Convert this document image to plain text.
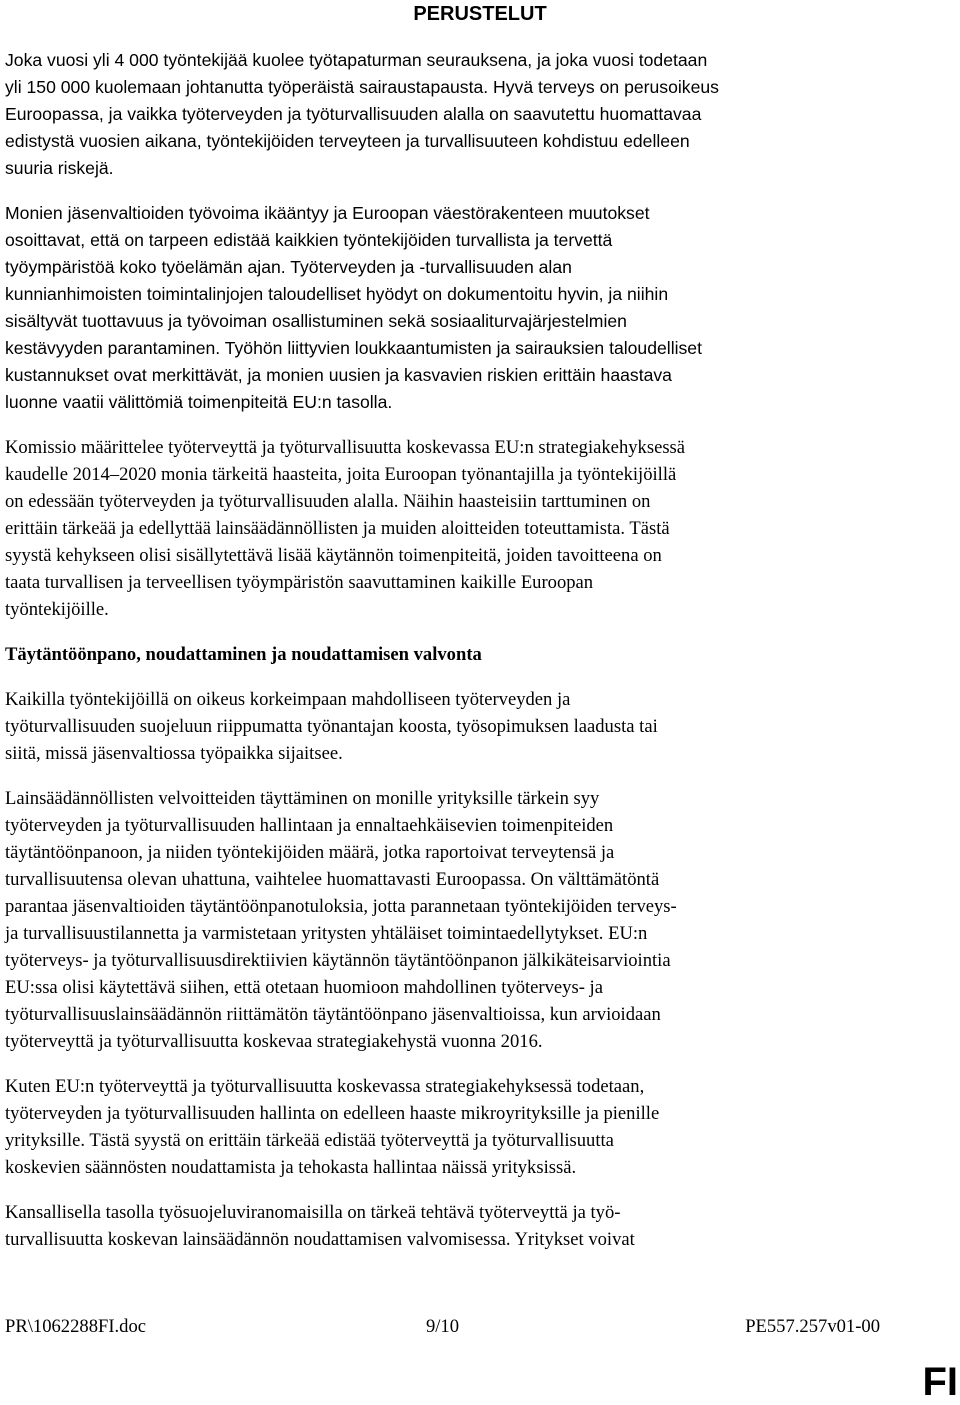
PERUSTELUT

Joka vuosi yli 4 000 työntekijää kuolee työtapaturman seurauksena, ja joka vuosi todetaan
yli 150 000 kuolemaan johtanutta työperäistä sairaustapausta. Hyvä terveys on perusoikeus
Euroopassa, ja vaikka työterveyden ja työturvallisuuden alalla on saavutettu huomattavaa
edistystä vuosien aikana, työntekijöiden terveyteen ja turvallisuuteen kohdistuu edelleen
suuria riskejä.

Monien jäsenvaltioiden työvoima ikääntyy ja Euroopan väestörakenteen muutokset
osoittavat, että on tarpeen edistää kaikkien työntekijöiden turvallista ja tervettä
työympäristöä koko työelämän ajan. Työterveyden ja -turvallisuuden alan
kunnianhimoisten toimintalinjojen taloudelliset hyödyt on dokumentoitu hyvin, ja niihin
sisältyvät tuottavuus ja työvoiman osallistuminen sekä sosiaaliturvajärjestelmien
kestävyyden parantaminen. Työhön liittyvien loukkaantumisten ja sairauksien taloudelliset
kustannukset ovat merkittävät, ja monien uusien ja kasvavien riskien erittäin haastava
luonne vaatii välittömiä toimenpiteitä EU:n tasolla.

Komissio määrittelee työterveyttä ja työturvallisuutta koskevassa EU:n strategiakehyksessä
kaudelle 2014–2020 monia tärkeitä haasteita, joita Euroopan työnantajilla ja työntekijöillä
on edessään työterveyden ja työturvallisuuden alalla. Näihin haasteisiin tarttuminen on
erittäin tärkeää ja edellyttää lainsäädännöllisten ja muiden aloitteiden toteuttamista. Tästä
syystä kehykseen olisi sisällytettävä lisää käytännön toimenpiteitä, joiden tavoitteena on
taata turvallisen ja terveellisen työympäristön saavuttaminen kaikille Euroopan
työntekijöille.

Täytäntöönpano, noudattaminen ja noudattamisen valvonta

Kaikilla työntekijöillä on oikeus korkeimpaan mahdolliseen työterveyden ja
työturvallisuuden suojeluun riippumatta työnantajan koosta, työsopimuksen laadusta tai
siitä, missä jäsenvaltiossa työpaikka sijaitsee.

Lainsäädännöllisten velvoitteiden täyttäminen on monille yrityksille tärkein syy
työterveyden ja työturvallisuuden hallintaan ja ennaltaehkäisevien toimenpiteiden
täytäntöönpanoon, ja niiden työntekijöiden määrä, jotka raportoivat terveytensä ja
turvallisuutensa olevan uhattuna, vaihtelee huomattavasti Euroopassa. On välttämätöntä
parantaa jäsenvaltioiden täytäntöönpanotuloksia, jotta parannetaan työntekijöiden terveys-
ja turvallisuustilannetta ja varmistetaan yritysten yhtäläiset toimintaedellytykset. EU:n
työterveys- ja työturvallisuusdirektiivien käytännön täytäntöönpanon jälkikäteisarviointia
EU:ssa olisi käytettävä siihen, että otetaan huomioon mahdollinen työterveys- ja
työturvallisuuslainsäädännön riittämätön täytäntöönpano jäsenvaltioissa, kun arvioidaan
työterveyttä ja työturvallisuutta koskevaa strategiakehystä vuonna 2016.

Kuten EU:n työterveyttä ja työturvallisuutta koskevassa strategiakehyksessä todetaan,
työterveyden ja työturvallisuuden hallinta on edelleen haaste mikroyrityksille ja pienille
yrityksille. Tästä syystä on erittäin tärkeää edistää työterveyttä ja työturvallisuutta
koskevien säännösten noudattamista ja tehokasta hallintaa näissä yrityksissä.

Kansallisella tasolla työsuojeluviranomaisilla on tärkeä tehtävä työterveyttä ja työ-
turvallisuutta koskevan lainsäädännön noudattamisen valvomisessa. Yritykset voivat

PR\1062288FI.doc	9/10	PE557.257v01-00
FI
